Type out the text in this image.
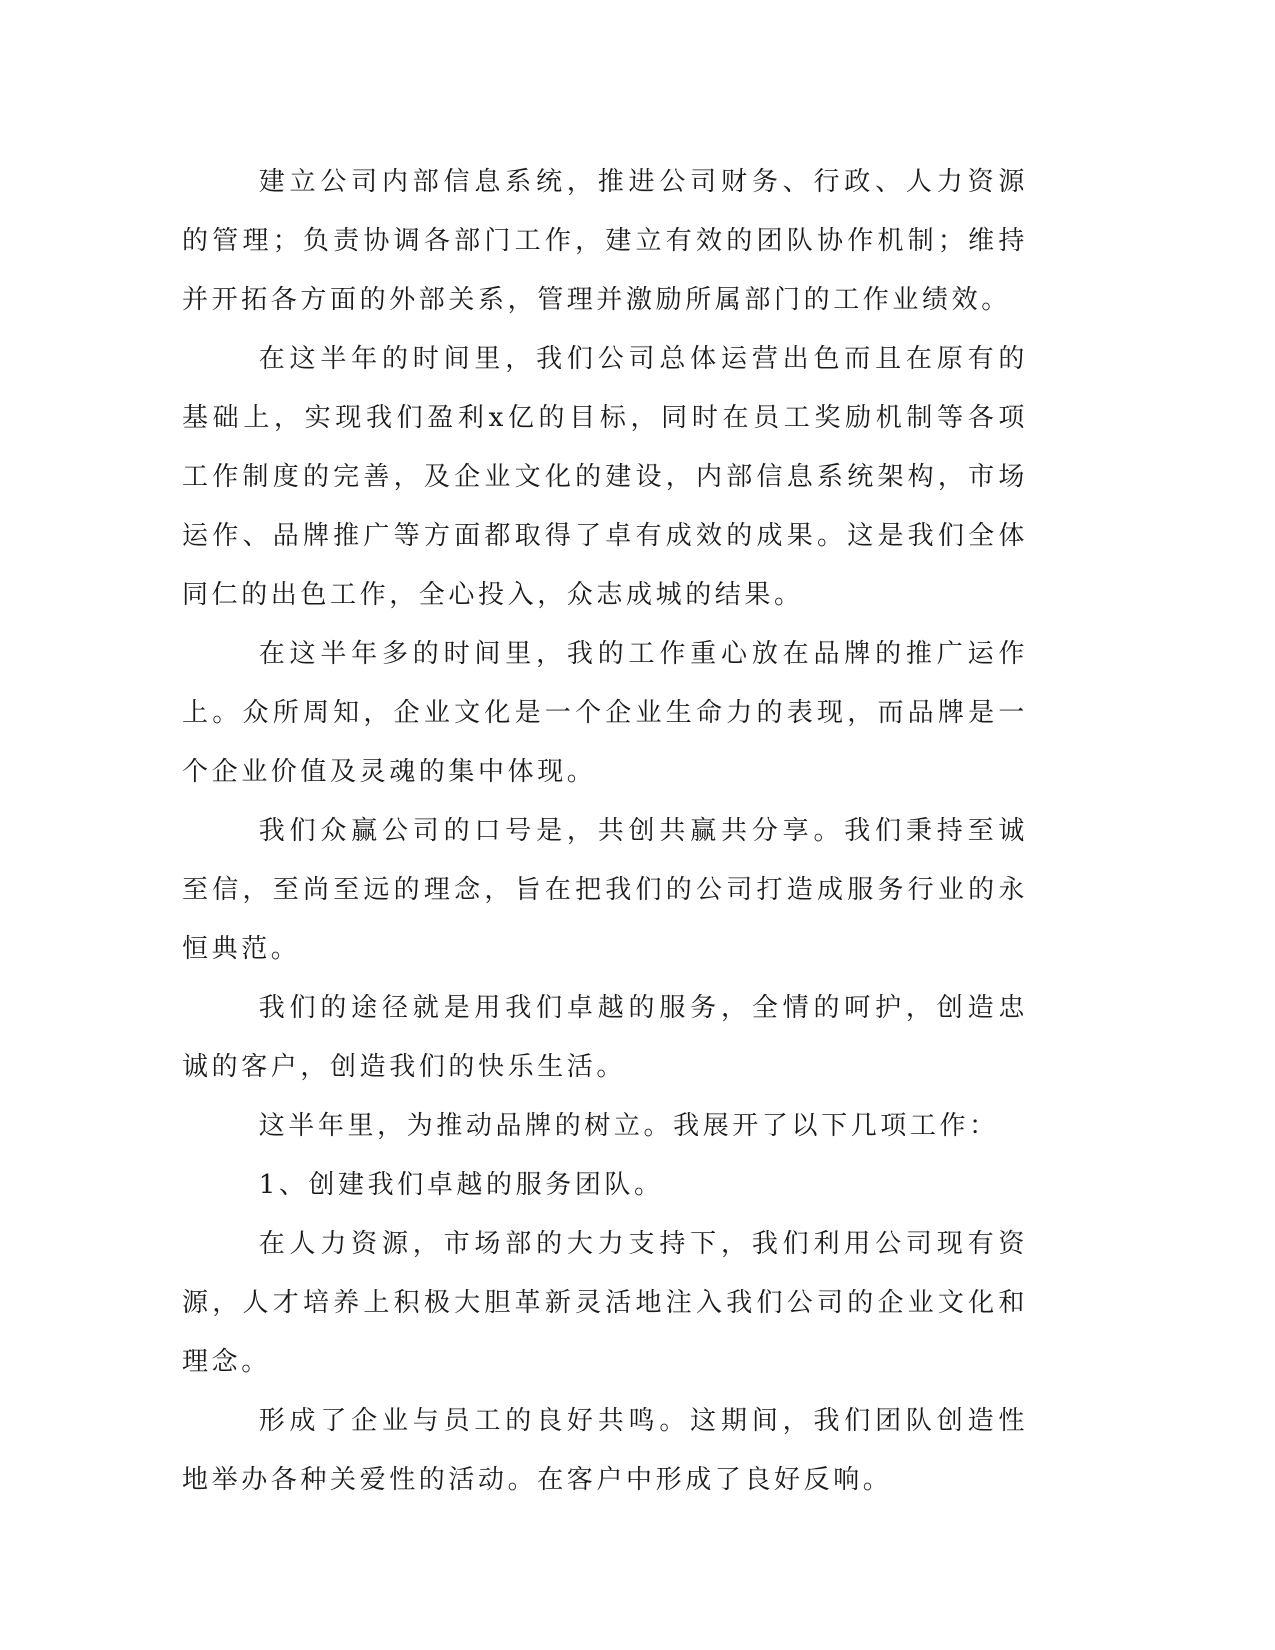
建立公司内部信息系统，推进公司财务、行政、人力资源的管理；负责协调各部门工作，建立有效的团队协作机制；维持并开拓各方面的外部关系，管理并激励所属部门的工作业绩效。

在这半年的时间里，我们公司总体运营出色而且在原有的基础上，实现我们盈利x亿的目标，同时在员工奖励机制等各项工作制度的完善，及企业文化的建设，内部信息系统架构，市场运作、品牌推广等方面都取得了卓有成效的成果。这是我们全体同仁的出色工作，全心投入，众志成城的结果。

在这半年多的时间里，我的工作重心放在品牌的推广运作上。众所周知，企业文化是一个企业生命力的表现，而品牌是一个企业价值及灵魂的集中体现。

我们众赢公司的口号是，共创共赢共分享。我们秉持至诚至信，至尚至远的理念，旨在把我们的公司打造成服务行业的永恒典范。

我们的途径就是用我们卓越的服务，全情的呵护，创造忠诚的客户，创造我们的快乐生活。

这半年里，为推动品牌的树立。我展开了以下几项工作：

1、创建我们卓越的服务团队。

在人力资源，市场部的大力支持下，我们利用公司现有资源，人才培养上积极大胆革新灵活地注入我们公司的企业文化和理念。

形成了企业与员工的良好共鸣。这期间，我们团队创造性地举办各种关爱性的活动。在客户中形成了良好反响。
